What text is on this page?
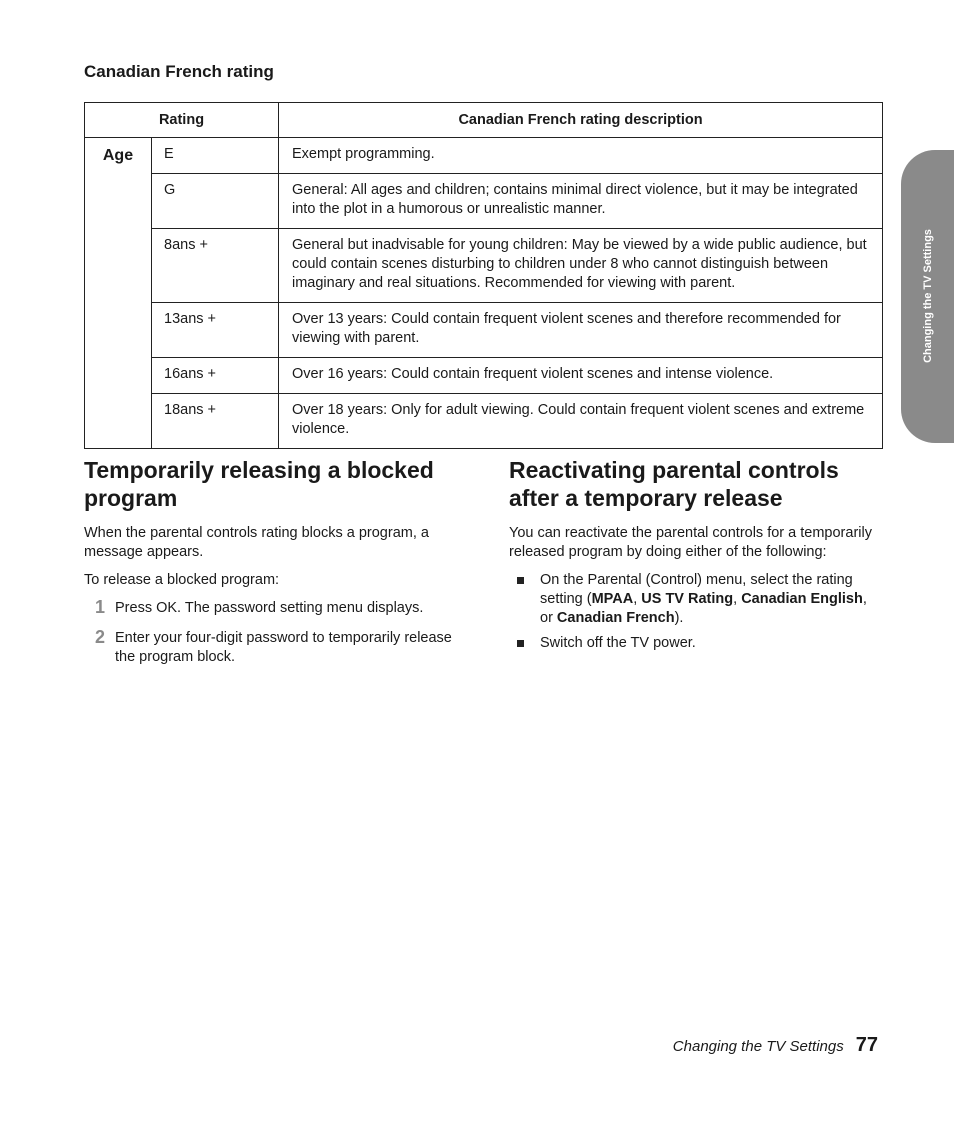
Canadian French rating
Rating		Canadian French rating description
Age	E	Exempt programming.
	G	General: All ages and children; contains minimal direct violence, but it may be integrated into the plot in a humorous or unrealistic manner.
	8ans +	General but inadvisable for young children: May be viewed by a wide public audience, but could contain scenes disturbing to children under 8 who cannot distinguish between imaginary and real situations. Recommended for viewing with parent.
	13ans +	Over 13 years: Could contain frequent violent scenes and therefore recommended for viewing with parent.
	16ans +	Over 16 years: Could contain frequent violent scenes and intense violence.
	18ans +	Over 18 years: Only for adult viewing. Could contain frequent violent scenes and extreme violence.
Changing the TV Settings
Temporarily releasing a blocked program

When the parental controls rating blocks a program, a message appears.

To release a blocked program:

1 Press OK. The password setting menu displays.
2 Enter your four-digit password to temporarily release the program block.
Reactivating parental controls after a temporary release

You can reactivate the parental controls for a temporarily released program by doing either of the following:

On the Parental (Control) menu, select the rating setting (MPAA, US TV Rating, Canadian English, or Canadian French).
Switch off the TV power.
Changing the TV Settings 77
